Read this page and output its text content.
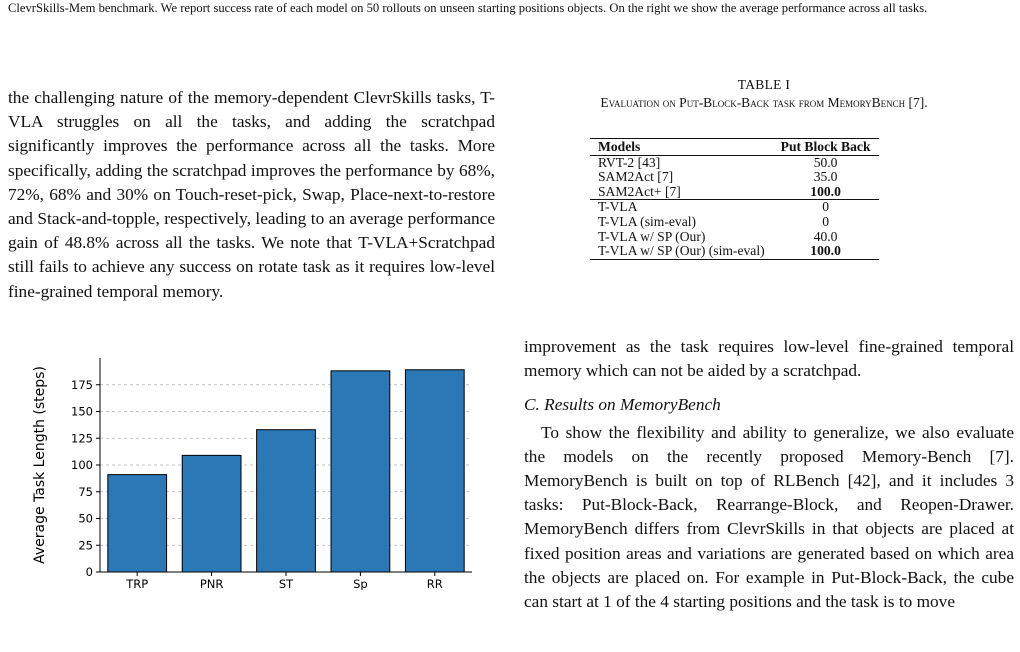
ClevrSkills-Mem benchmark. We report success rate of each model on 50 rollouts on unseen starting positions objects. On the right we show the average performance across all tasks.
the challenging nature of the memory-dependent ClevrSkills tasks, T-VLA struggles on all the tasks, and adding the scratchpad significantly improves the performance across all the tasks. More specifically, adding the scratchpad improves the performance by 68%, 72%, 68% and 30% on Touch-reset-pick, Swap, Place-next-to-restore and Stack-and-topple, respectively, leading to an average performance gain of 48.8% across all the tasks. We note that T-VLA+Scratchpad still fails to achieve any success on rotate task as it requires low-level fine-grained temporal memory.
TABLE I
Evaluation on Put-Block-Back task from MemoryBench [7].
Models	Put Block Back
RVT-2 [43]	50.0
SAM2Act [7]	35.0
SAM2Act+ [7]	100.0
T-VLA	0
T-VLA (sim-eval)	0
T-VLA w/ SP (Our)	40.0
T-VLA w/ SP (Our) (sim-eval)	100.0
TRP	PNR	ST	Sp	RR
0
25
50
75
100
125
150
175
Average Task Length (steps)

improvement as the task requires low-level fine-grained temporal memory which can not be aided by a scratchpad.

C. Results on MemoryBench

To show the flexibility and ability to generalize, we also evaluate the models on the recently proposed Memory-Bench [7]. MemoryBench is built on top of RLBench [42], and it includes 3 tasks: Put-Block-Back, Rearrange-Block, and Reopen-Drawer. MemoryBench differs from ClevrSkills in that objects are placed at fixed position areas and variations are generated based on which area the objects are placed on. For example in Put-Block-Back, the cube can start at 1 of the 4 starting positions and the task is to move
